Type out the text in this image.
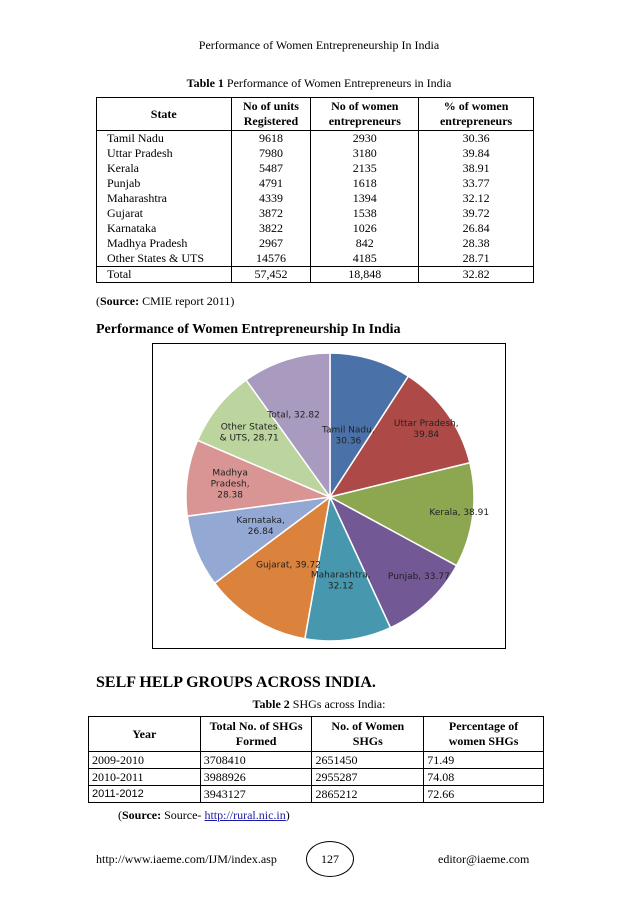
Performance of Women Entrepreneurship In India
Table 1 Performance of Women Entrepreneurs in India
State	No of units Registered	No of women entrepreneurs	% of women entrepreneurs
Tamil Nadu	9618	2930	30.36
Uttar Pradesh	7980	3180	39.84
Kerala	5487	2135	38.91
Punjab	4791	1618	33.77
Maharashtra	4339	1394	32.12
Gujarat	3872	1538	39.72
Karnataka	3822	1026	26.84
Madhya Pradesh	2967	842	28.38
Other States & UTS	14576	4185	28.71
Total	57,452	18,848	32.82
(Source: CMIE report 2011)
Performance of Women Entrepreneurship In India
Tamil Nadu, 30.36
Uttar Pradesh, 39.84
Kerala, 38.91
Punjab, 33.77
Maharashtra, 32.12
Gujarat, 39.72
Karnataka, 26.84
Madhya Pradesh, 28.38
Other States & UTS, 28.71
Total, 32.82
SELF HELP GROUPS ACROSS INDIA.
Table 2 SHGs across India:
Year	Total No. of SHGs Formed	No. of Women SHGs	Percentage of women SHGs
2009-2010	3708410	2651450	71.49
2010-2011	3988926	2955287	74.08
2011-2012	3943127	2865212	72.66
(Source: Source- http://rural.nic.in)
http://www.iaeme.com/IJM/index.asp	127	editor@iaeme.com
